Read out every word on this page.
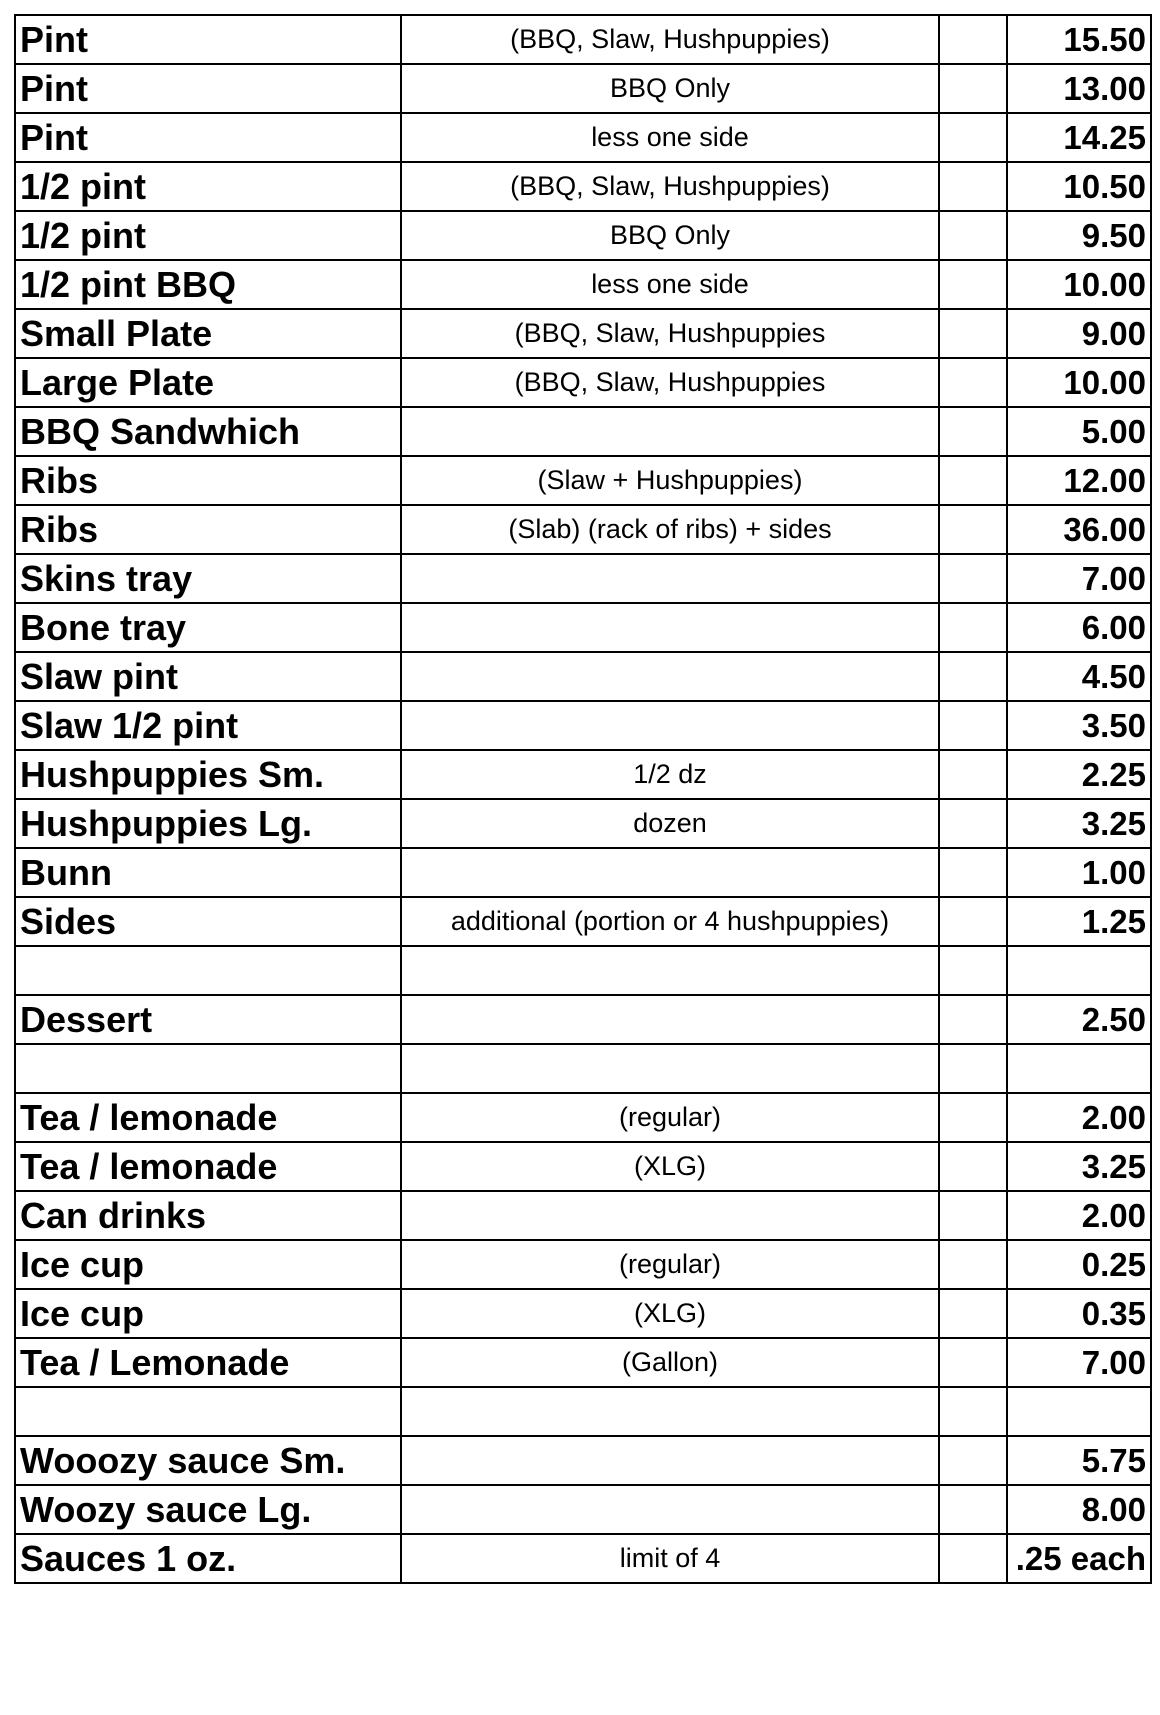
Pint	(BBQ, Slaw, Hushpuppies)		15.50
Pint	BBQ Only		13.00
Pint	less one side		14.25
1/2 pint	(BBQ, Slaw, Hushpuppies)		10.50
1/2 pint	BBQ Only		9.50
1/2 pint BBQ	less one side		10.00
Small Plate	(BBQ, Slaw, Hushpuppies		9.00
Large Plate	(BBQ, Slaw, Hushpuppies		10.00
BBQ Sandwhich			5.00
Ribs	(Slaw + Hushpuppies)		12.00
Ribs	(Slab) (rack of ribs) + sides		36.00
Skins tray			7.00
Bone tray			6.00
Slaw pint			4.50
Slaw 1/2 pint			3.50
Hushpuppies Sm.	1/2 dz		2.25
Hushpuppies Lg.	dozen		3.25
Bunn			1.00
Sides	additional (portion or 4 hushpuppies)		1.25

Dessert			2.50

Tea / lemonade	(regular)		2.00
Tea / lemonade	(XLG)		3.25
Can drinks			2.00
Ice cup	(regular)		0.25
Ice cup	(XLG)		0.35
Tea / Lemonade	(Gallon)		7.00

Wooozy sauce Sm.			5.75
Woozy sauce Lg.			8.00
Sauces 1 oz.	limit of 4		.25 each
